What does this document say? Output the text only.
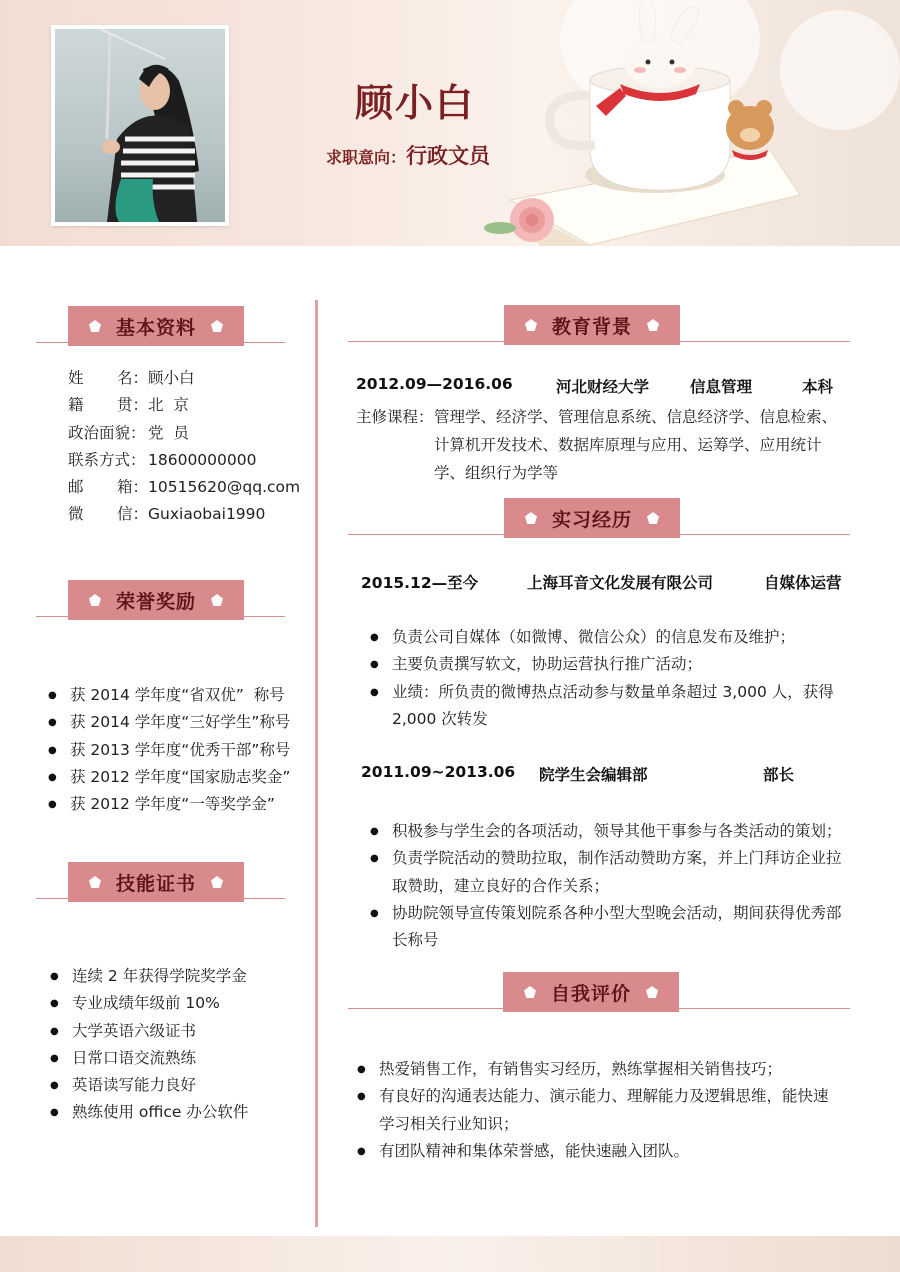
顾小白
求职意向：行政文员
基本资料
姓 名： 顾小白
籍 贯： 北  京
政治面貌： 党  员
联系方式： 18600000000
邮 箱： 10515620@qq.com
微 信： Guxiaobai1990
荣誉奖励
● 获 2014 学年度“省双优”  称号
● 获 2014 学年度“三好学生”称号
● 获 2013 学年度“优秀干部”称号
● 获 2012 学年度“国家励志奖金”
● 获 2012 学年度“一等奖学金”
技能证书
● 连续 2 年获得学院奖学金
● 专业成绩年级前 10%
● 大学英语六级证书
● 日常口语交流熟练
● 英语读写能力良好
● 熟练使用 office 办公软件
教育背景
2012.09—2016.06	河北财经大学	信息管理	本科
主修课程： 管理学、经济学、管理信息系统、信息经济学、信息检索、计算机开发技术、数据库原理与应用、运筹学、应用统计学、组织行为学等
实习经历
2015.12—至今	上海耳音文化发展有限公司	自媒体运营
● 负责公司自媒体（如微博、微信公众）的信息发布及维护；
● 主要负责撰写软文，协助运营执行推广活动；
● 业绩：所负责的微博热点活动参与数量单条超过 3,000 人，获得 2,000 次转发
2011.09~2013.06 院学生会编辑部	部长
● 积极参与学生会的各项活动，领导其他干事参与各类活动的策划；
● 负责学院活动的赞助拉取，制作活动赞助方案，并上门拜访企业拉取赞助，建立良好的合作关系；
● 协助院领导宣传策划院系各种小型大型晚会活动，期间获得优秀部长称号
自我评价
● 热爱销售工作，有销售实习经历，熟练掌握相关销售技巧；
● 有良好的沟通表达能力、演示能力、理解能力及逻辑思维，能快速学习相关行业知识；
● 有团队精神和集体荣誉感，能快速融入团队。
